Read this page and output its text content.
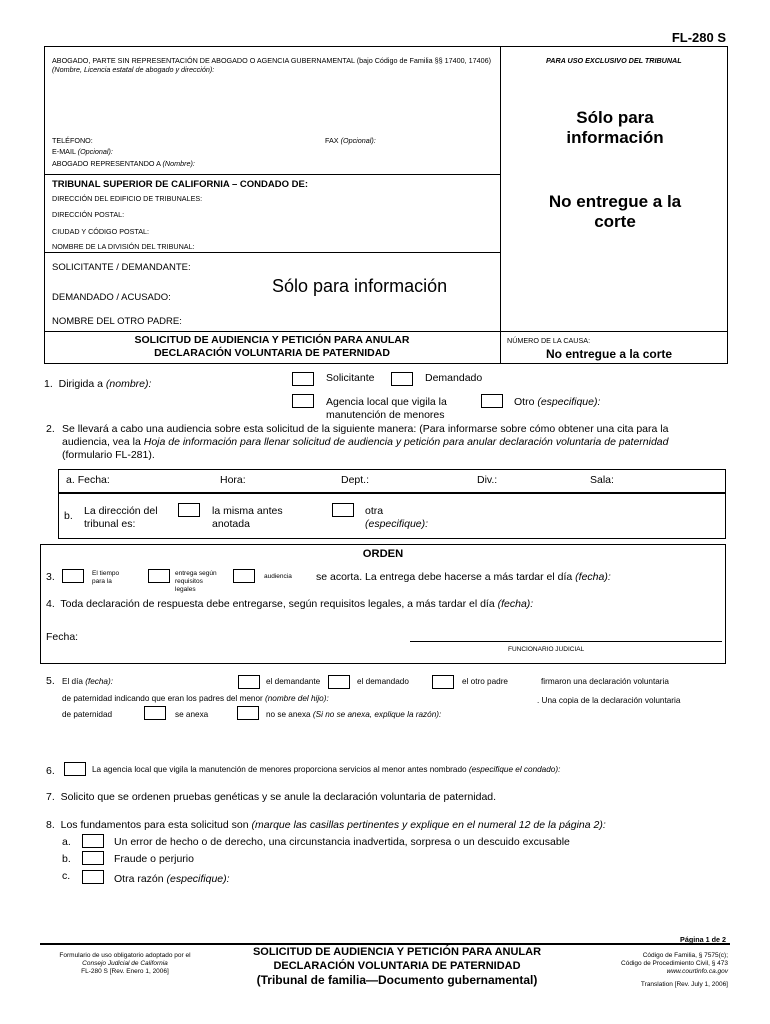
FL-280 S
ABOGADO, PARTE SIN REPRESENTACIÓN DE ABOGADO O AGENCIA GUBERNAMENTAL (bajo Código de Familia §§ 17400, 17406)
(Nombre, Licencia estatal de abogado y dirección):
PARA USO EXCLUSIVO DEL TRIBUNAL
Sólo para
información
No entregue a la
corte
TELÉFONO:	FAX (Opcional):
E-MAIL (Opcional):
ABOGADO REPRESENTANDO A (Nombre):
TRIBUNAL SUPERIOR DE CALIFORNIA – CONDADO DE:
DIRECCIÓN DEL EDIFICIO DE TRIBUNALES:
DIRECCIÓN POSTAL:
CIUDAD Y CÓDIGO POSTAL:
NOMBRE DE LA DIVISIÓN DEL TRIBUNAL:
SOLICITANTE / DEMANDANTE:
Sólo para información
DEMANDADO / ACUSADO:
NOMBRE DEL OTRO PADRE:
SOLICITUD DE AUDIENCIA Y PETICIÓN PARA ANULAR
DECLARACIÓN VOLUNTARIA DE PATERNIDAD
NÚMERO DE LA CAUSA:
No entregue a la corte
1. Dirigida a (nombre):	Solicitante	Demandado
Agencia local que vigila la
manutención de menores
Otro (especifique):
2. Se llevará a cabo una audiencia sobre esta solicitud de la siguiente manera: (Para informarse sobre cómo obtener una cita para la
audiencia, vea la Hoja de información para llenar solicitud de audiencia y petición para anular declaración voluntaria de paternidad
(formulario FL-281).
a. Fecha:	Hora:	Dept.:	Div.:	Sala:
b. La dirección del
tribunal es:
la misma antes
anotada
otra
(especifique):
ORDEN
3.	El tiempo
para la
entrega según
requisitos
legales
audiencia se acorta. La entrega debe hacerse a más tardar el día (fecha):
4. Toda declaración de respuesta debe entregarse, según requisitos legales, a más tardar el día (fecha):
Fecha:
FUNCIONARIO JUDICIAL
5. El día (fecha):	el demandante	el demandado	el otro padre	firmaron una declaración voluntaria
de paternidad indicando que eran los padres del menor (nombre del hijo):	. Una copia de la declaración voluntaria
de paternidad	se anexa	no se anexa (Si no se anexa, explique la razón):
6.	La agencia local que vigila la manutención de menores proporciona servicios al menor antes nombrado (especifique el condado):
7. Solicito que se ordenen pruebas genéticas y se anule la declaración voluntaria de paternidad.
8. Los fundamentos para esta solicitud son (marque las casillas pertinentes y explique en el numeral 12 de la página 2):
a.	Un error de hecho o de derecho, una circunstancia inadvertida, sorpresa o un descuido excusable
b.	Fraude o perjurio
c.	Otra razón (especifique):
Página 1 de 2
Formulario de uso obligatorio adoptado por el
Consejo Judicial de California
FL-280 S [Rev. Enero 1, 2006]
SOLICITUD DE AUDIENCIA Y PETICIÓN PARA ANULAR
DECLARACIÓN VOLUNTARIA DE PATERNIDAD
(Tribunal de familia—Documento gubernamental)
Código de Familia, § 7575(c);
Código de Procedimiento Civil, § 473
www.courtinfo.ca.gov
Translation [Rev. July 1, 2006]
